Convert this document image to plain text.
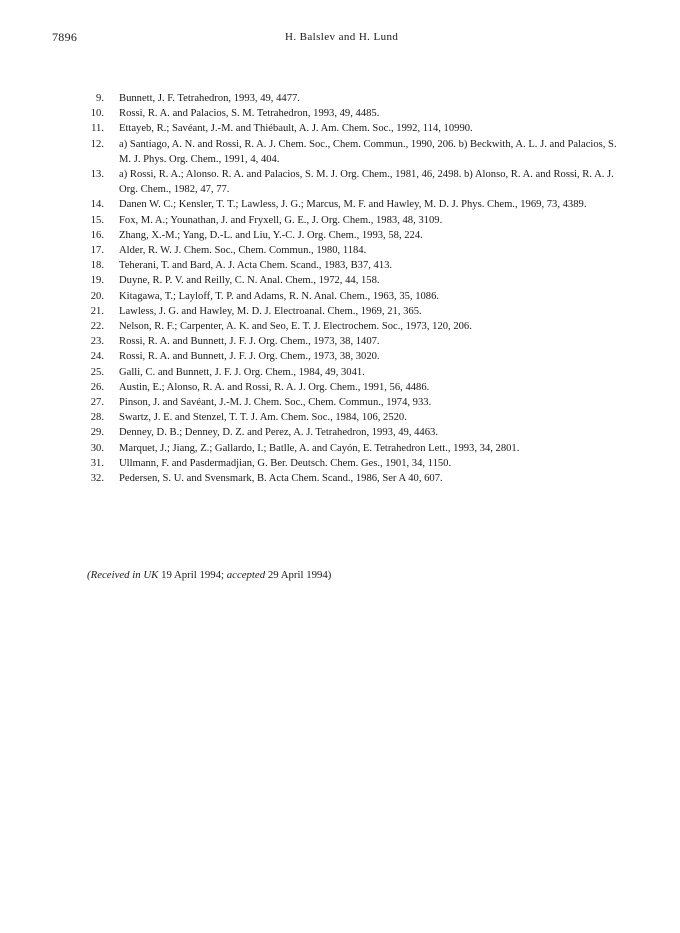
7896	H. Balslev and H. Lund
9. Bunnett, J. F. Tetrahedron, 1993, 49, 4477.
10. Rossi, R. A. and Palacios, S. M. Tetrahedron, 1993, 49, 4485.
11. Ettayeb, R.; Savéant, J.-M. and Thiébault, A. J. Am. Chem. Soc., 1992, 114, 10990.
12. a) Santiago, A. N. and Rossi, R. A. J. Chem. Soc., Chem. Commun., 1990, 206. b) Beckwith, A. L. J. and Palacios, S. M. J. Phys. Org. Chem., 1991, 4, 404.
13. a) Rossi, R. A.; Alonso. R. A. and Palacios, S. M. J. Org. Chem., 1981, 46, 2498. b) Alonso, R. A. and Rossi, R. A. J. Org. Chem., 1982, 47, 77.
14. Danen W. C.; Kensler, T. T.; Lawless, J. G.; Marcus, M. F. and Hawley, M. D. J. Phys. Chem., 1969, 73, 4389.
15. Fox, M. A.; Younathan, J. and Fryxell, G. E., J. Org. Chem., 1983, 48, 3109.
16. Zhang, X.-M.; Yang, D.-L. and Liu, Y.-C. J. Org. Chem., 1993, 58, 224.
17. Alder, R. W. J. Chem. Soc., Chem. Commun., 1980, 1184.
18. Teherani, T. and Bard, A. J. Acta Chem. Scand., 1983, B37, 413.
19. Duyne, R. P. V. and Reilly, C. N. Anal. Chem., 1972, 44, 158.
20. Kitagawa, T.; Layloff, T. P. and Adams, R. N. Anal. Chem., 1963, 35, 1086.
21. Lawless, J. G. and Hawley, M. D. J. Electroanal. Chem., 1969, 21, 365.
22. Nelson, R. F.; Carpenter, A. K. and Seo, E. T. J. Electrochem. Soc., 1973, 120, 206.
23. Rossi, R. A. and Bunnett, J. F. J. Org. Chem., 1973, 38, 1407.
24. Rossi, R. A. and Bunnett, J. F. J. Org. Chem., 1973, 38, 3020.
25. Galli, C. and Bunnett, J. F. J. Org. Chem., 1984, 49, 3041.
26. Austin, E.; Alonso, R. A. and Rossi, R. A. J. Org. Chem., 1991, 56, 4486.
27. Pinson, J. and Savéant, J.-M. J. Chem. Soc., Chem. Commun., 1974, 933.
28. Swartz, J. E. and Stenzel, T. T. J. Am. Chem. Soc., 1984, 106, 2520.
29. Denney, D. B.; Denney, D. Z. and Perez, A. J. Tetrahedron, 1993, 49, 4463.
30. Marquet, J.; Jiang, Z.; Gallardo, I.; Batlle, A. and Cayón, E. Tetrahedron Lett., 1993, 34, 2801.
31. Ullmann, F. and Pasdermadjian, G. Ber. Deutsch. Chem. Ges., 1901, 34, 1150.
32. Pedersen, S. U. and Svensmark, B. Acta Chem. Scand., 1986, Ser A 40, 607.
(Received in UK 19 April 1994; accepted 29 April 1994)
